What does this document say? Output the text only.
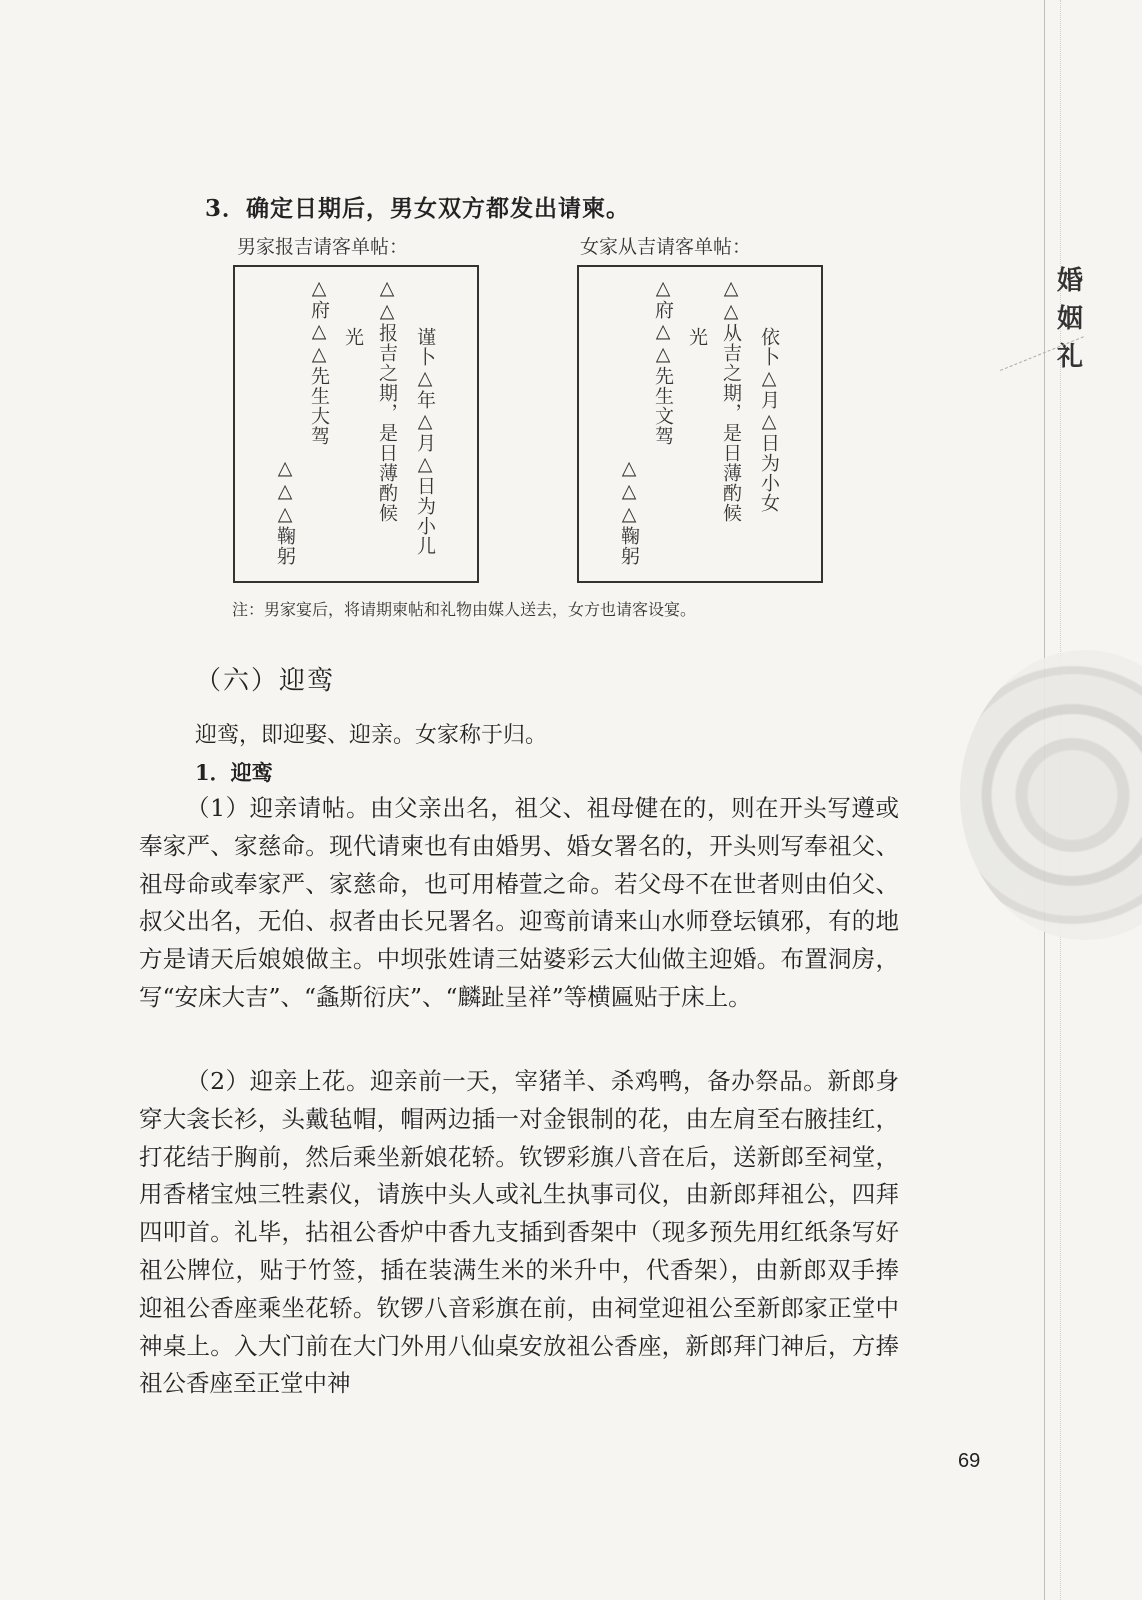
婚
姻
礼
3．确定日期后，男女双方都发出请柬。
男家报吉请客单帖：	女家从吉请客单帖：
谨卜△年△月△日为小儿
△△报吉之期，是日薄酌候
光
△府△△先生大驾
△△△鞠躬	依卜△月△日为小女
△△从吉之期，是日薄酌候
光
△府△△先生文驾
△△△鞠躬
注：男家宴后，将请期柬帖和礼物由媒人送去，女方也请客设宴。
（六）迎鸾
迎鸾，即迎娶、迎亲。女家称于归。
1．迎鸾
（1）迎亲请帖。由父亲出名，祖父、祖母健在的，则在开头写遵或奉家严、家慈命。现代请柬也有由婚男、婚女署名的，开头则写奉祖父、祖母命或奉家严、家慈命，也可用椿萱之命。若父母不在世者则由伯父、叔父出名，无伯、叔者由长兄署名。迎鸾前请来山水师登坛镇邪，有的地方是请天后娘娘做主。中坝张姓请三姑婆彩云大仙做主迎婚。布置洞房，写“安床大吉”、“螽斯衍庆”、“麟趾呈祥”等横匾贴于床上。
（2）迎亲上花。迎亲前一天，宰猪羊、杀鸡鸭，备办祭品。新郎身穿大衾长衫，头戴毡帽，帽两边插一对金银制的花，由左肩至右腋挂红，打花结于胸前，然后乘坐新娘花轿。钦锣彩旗八音在后，送新郎至祠堂，用香楮宝烛三牲素仪，请族中头人或礼生执事司仪，由新郎拜祖公，四拜四叩首。礼毕，拈祖公香炉中香九支插到香架中（现多预先用红纸条写好祖公牌位，贴于竹签，插在装满生米的米升中，代香架），由新郎双手捧迎祖公香座乘坐花轿。钦锣八音彩旗在前，由祠堂迎祖公至新郎家正堂中神桌上。入大门前在大门外用八仙桌安放祖公香座，新郎拜门神后，方捧祖公香座至正堂中神
69
